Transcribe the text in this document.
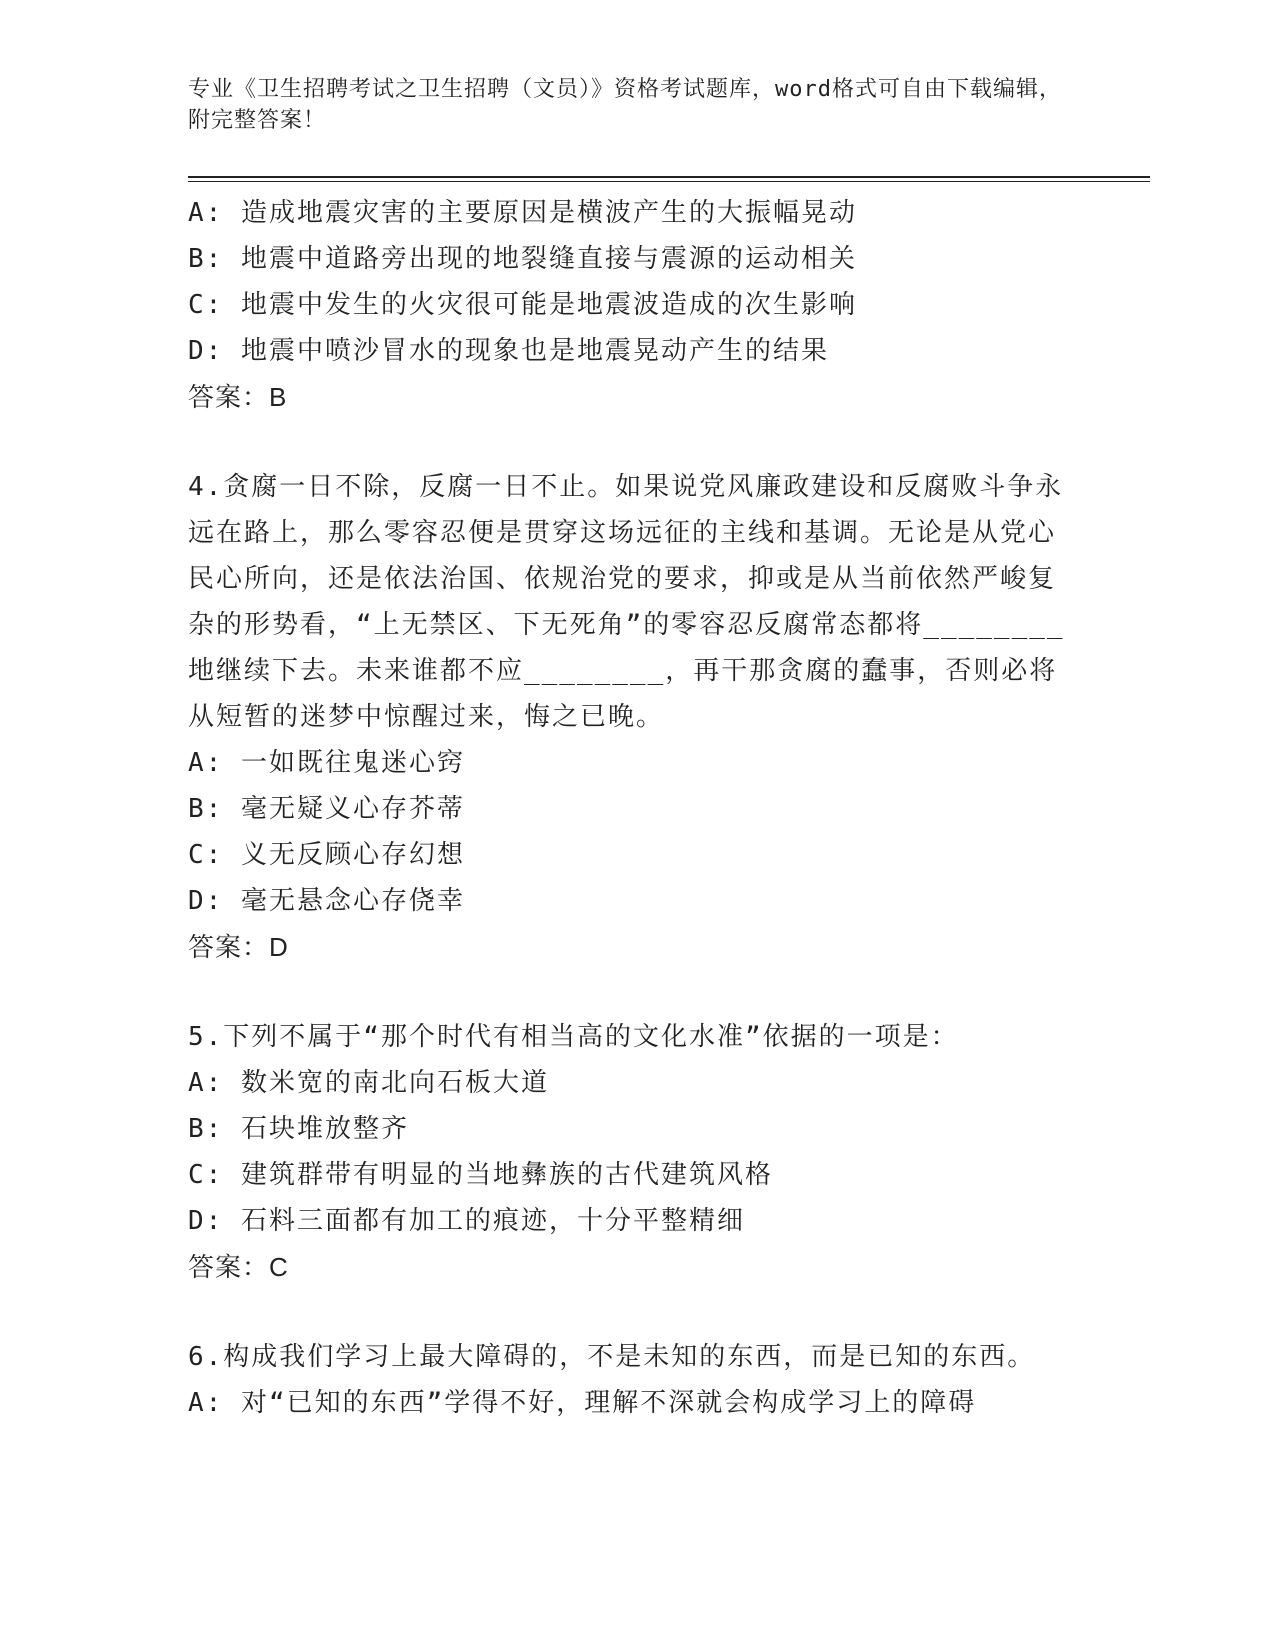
专业《卫生招聘考试之卫生招聘（文员）》资格考试题库，word格式可自由下载编辑，附完整答案！
A: 造成地震灾害的主要原因是横波产生的大振幅晃动
B: 地震中道路旁出现的地裂缝直接与震源的运动相关
C: 地震中发生的火灾很可能是地震波造成的次生影响
D: 地震中喷沙冒水的现象也是地震晃动产生的结果
答案：B
4.贪腐一日不除，反腐一日不止。如果说党风廉政建设和反腐败斗争永远在路上，那么零容忍便是贯穿这场远征的主线和基调。无论是从党心民心所向，还是依法治国、依规治党的要求，抑或是从当前依然严峻复杂的形势看，“上无禁区、下无死角”的零容忍反腐常态都将________地继续下去。未来谁都不应________，再干那贪腐的蠢事，否则必将从短暂的迷梦中惊醒过来，悔之已晚。
A: 一如既往鬼迷心窍
B: 毫无疑义心存芥蒂
C: 义无反顾心存幻想
D: 毫无悬念心存侥幸
答案：D
5.下列不属于“那个时代有相当高的文化水准”依据的一项是：
A: 数米宽的南北向石板大道
B: 石块堆放整齐
C: 建筑群带有明显的当地彝族的古代建筑风格
D: 石料三面都有加工的痕迹，十分平整精细
答案：C
6.构成我们学习上最大障碍的，不是未知的东西，而是已知的东西。
A: 对“已知的东西”学得不好，理解不深就会构成学习上的障碍
